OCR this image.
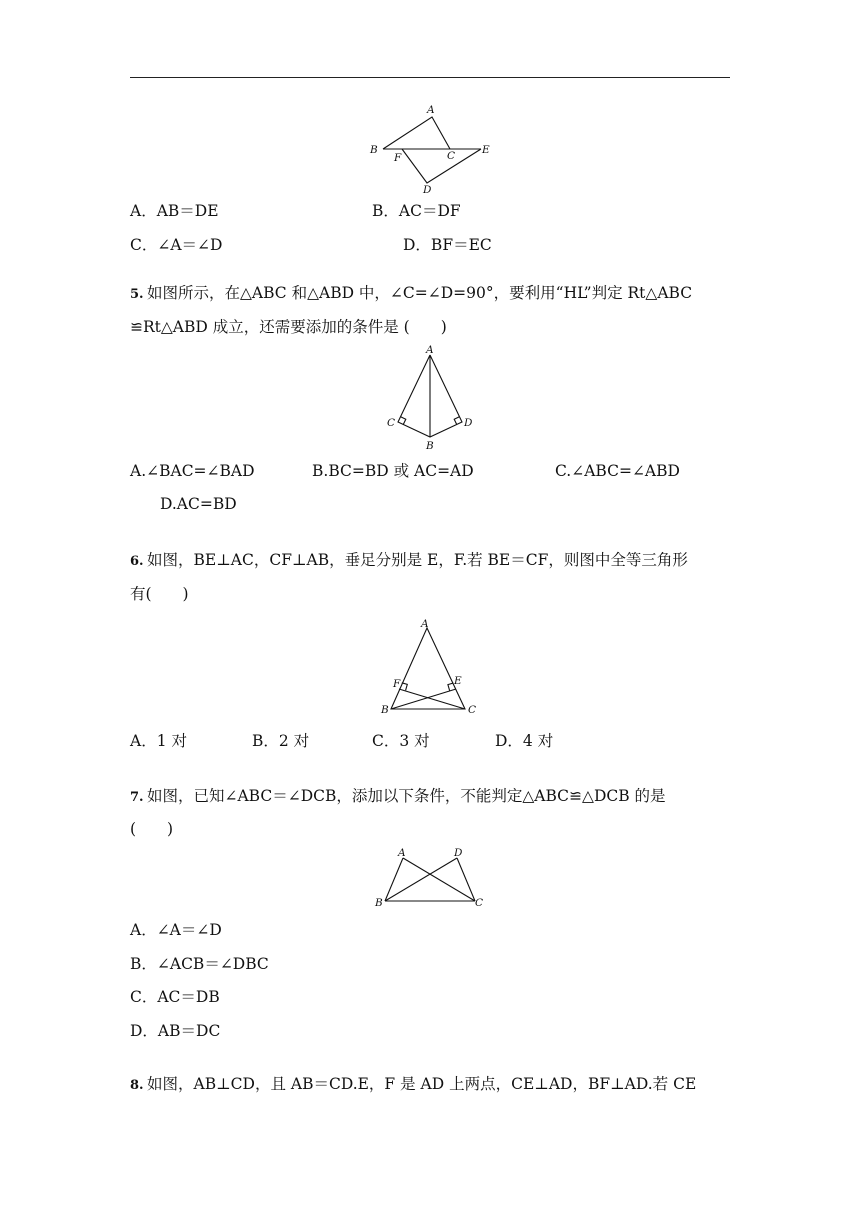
A
B
F	C	E
D
A．AB＝DE	B．AC＝DF
C．∠A＝∠D	D．BF＝EC
5. 如图所示，在△ABC 和△ABD 中，∠C=∠D=90°，要利用“HL”判定 Rt△ABC
≌Rt△ABD 成立，还需要添加的条件是 (　　)
A
C	D
B
A.∠BAC=∠BAD	B.BC=BD 或 AC=AD	C.∠ABC=∠ABD
D.AC=BD
6. 如图，BE⊥AC，CF⊥AB，垂足分别是 E，F.若 BE＝CF，则图中全等三角形
有(　　)
A
F	E
B	C
A．1 对	B．2 对	C．3 对	D．4 对
7. 如图，已知∠ABC＝∠DCB，添加以下条件，不能判定△ABC≌△DCB 的是
(　　)
A	D
B	C
A．∠A＝∠D
B．∠ACB＝∠DBC
C．AC＝DB
D．AB＝DC
8. 如图，AB⊥CD，且 AB＝CD.E，F 是 AD 上两点，CE⊥AD，BF⊥AD.若 CE
